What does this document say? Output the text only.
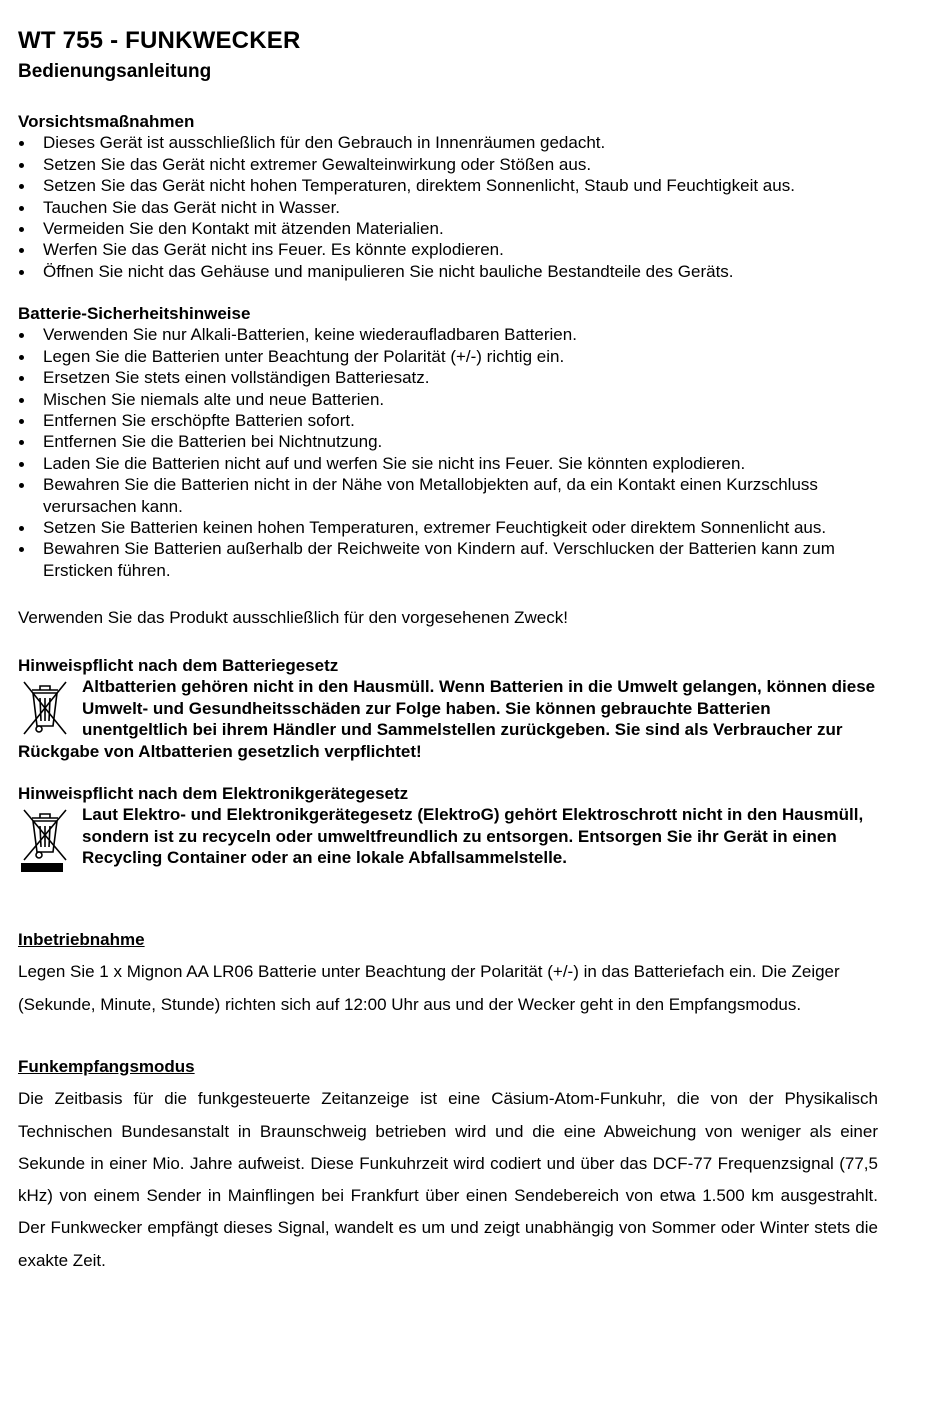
WT 755 - FUNKWECKER
Bedienungsanleitung
Vorsichtsmaßnahmen
Dieses Gerät ist ausschließlich für den Gebrauch in Innenräumen gedacht.
Setzen Sie das Gerät nicht extremer Gewalteinwirkung oder Stößen aus.
Setzen Sie das Gerät nicht hohen Temperaturen, direktem Sonnenlicht, Staub und Feuchtigkeit aus.
Tauchen Sie das Gerät nicht in Wasser.
Vermeiden Sie den Kontakt mit ätzenden Materialien.
Werfen Sie das Gerät nicht ins Feuer. Es könnte explodieren.
Öffnen Sie nicht das Gehäuse und manipulieren Sie nicht bauliche Bestandteile des Geräts.
Batterie-Sicherheitshinweise
Verwenden Sie nur Alkali-Batterien, keine wiederaufladbaren Batterien.
Legen Sie die Batterien unter Beachtung der Polarität (+/-) richtig ein.
Ersetzen Sie stets einen vollständigen Batteriesatz.
Mischen Sie niemals alte und neue Batterien.
Entfernen Sie erschöpfte Batterien sofort.
Entfernen Sie die Batterien bei Nichtnutzung.
Laden Sie die Batterien nicht auf und werfen Sie sie nicht ins Feuer. Sie könnten explodieren.
Bewahren Sie die Batterien nicht in der Nähe von Metallobjekten auf, da ein Kontakt einen Kurzschluss verursachen kann.
Setzen Sie Batterien keinen hohen Temperaturen, extremer Feuchtigkeit oder direktem Sonnenlicht aus.
Bewahren Sie Batterien außerhalb der Reichweite von Kindern auf. Verschlucken der Batterien kann zum Ersticken führen.

Verwenden Sie das Produkt ausschließlich für den vorgesehenen Zweck!

Hinweispflicht nach dem Batteriegesetz
Altbatterien gehören nicht in den Hausmüll. Wenn Batterien in die Umwelt gelangen, können diese Umwelt- und Gesundheitsschäden zur Folge haben. Sie können gebrauchte Batterien unentgeltlich bei ihrem Händler und Sammelstellen zurückgeben. Sie sind als Verbraucher zur Rückgabe von Altbatterien gesetzlich verpflichtet!
Hinweispflicht nach dem Elektronikgerätegesetz
Laut Elektro- und Elektronikgerätegesetz (ElektroG) gehört Elektroschrott nicht in den Hausmüll, sondern ist zu recyceln oder umweltfreundlich zu entsorgen. Entsorgen Sie ihr Gerät in einen Recycling Container oder an eine lokale Abfallsammelstelle.
Inbetriebnahme

Legen Sie 1 x Mignon AA LR06 Batterie unter Beachtung der Polarität (+/-) in das Batteriefach ein. Die Zeiger (Sekunde, Minute, Stunde) richten sich auf 12:00 Uhr aus und der Wecker geht in den Empfangsmodus.

Funkempfangsmodus

Die Zeitbasis für die funkgesteuerte Zeitanzeige ist eine Cäsium-Atom-Funkuhr, die von der Physikalisch Technischen Bundesanstalt in Braunschweig betrieben wird und die eine Abweichung von weniger als einer Sekunde in einer Mio. Jahre aufweist. Diese Funkuhrzeit wird codiert und über das DCF-77 Frequenzsignal (77,5 kHz) von einem Sender in Mainflingen bei Frankfurt über einen Sendebereich von etwa 1.500 km ausgestrahlt. Der Funkwecker empfängt dieses Signal, wandelt es um und zeigt unabhängig von Sommer oder Winter stets die exakte Zeit.
